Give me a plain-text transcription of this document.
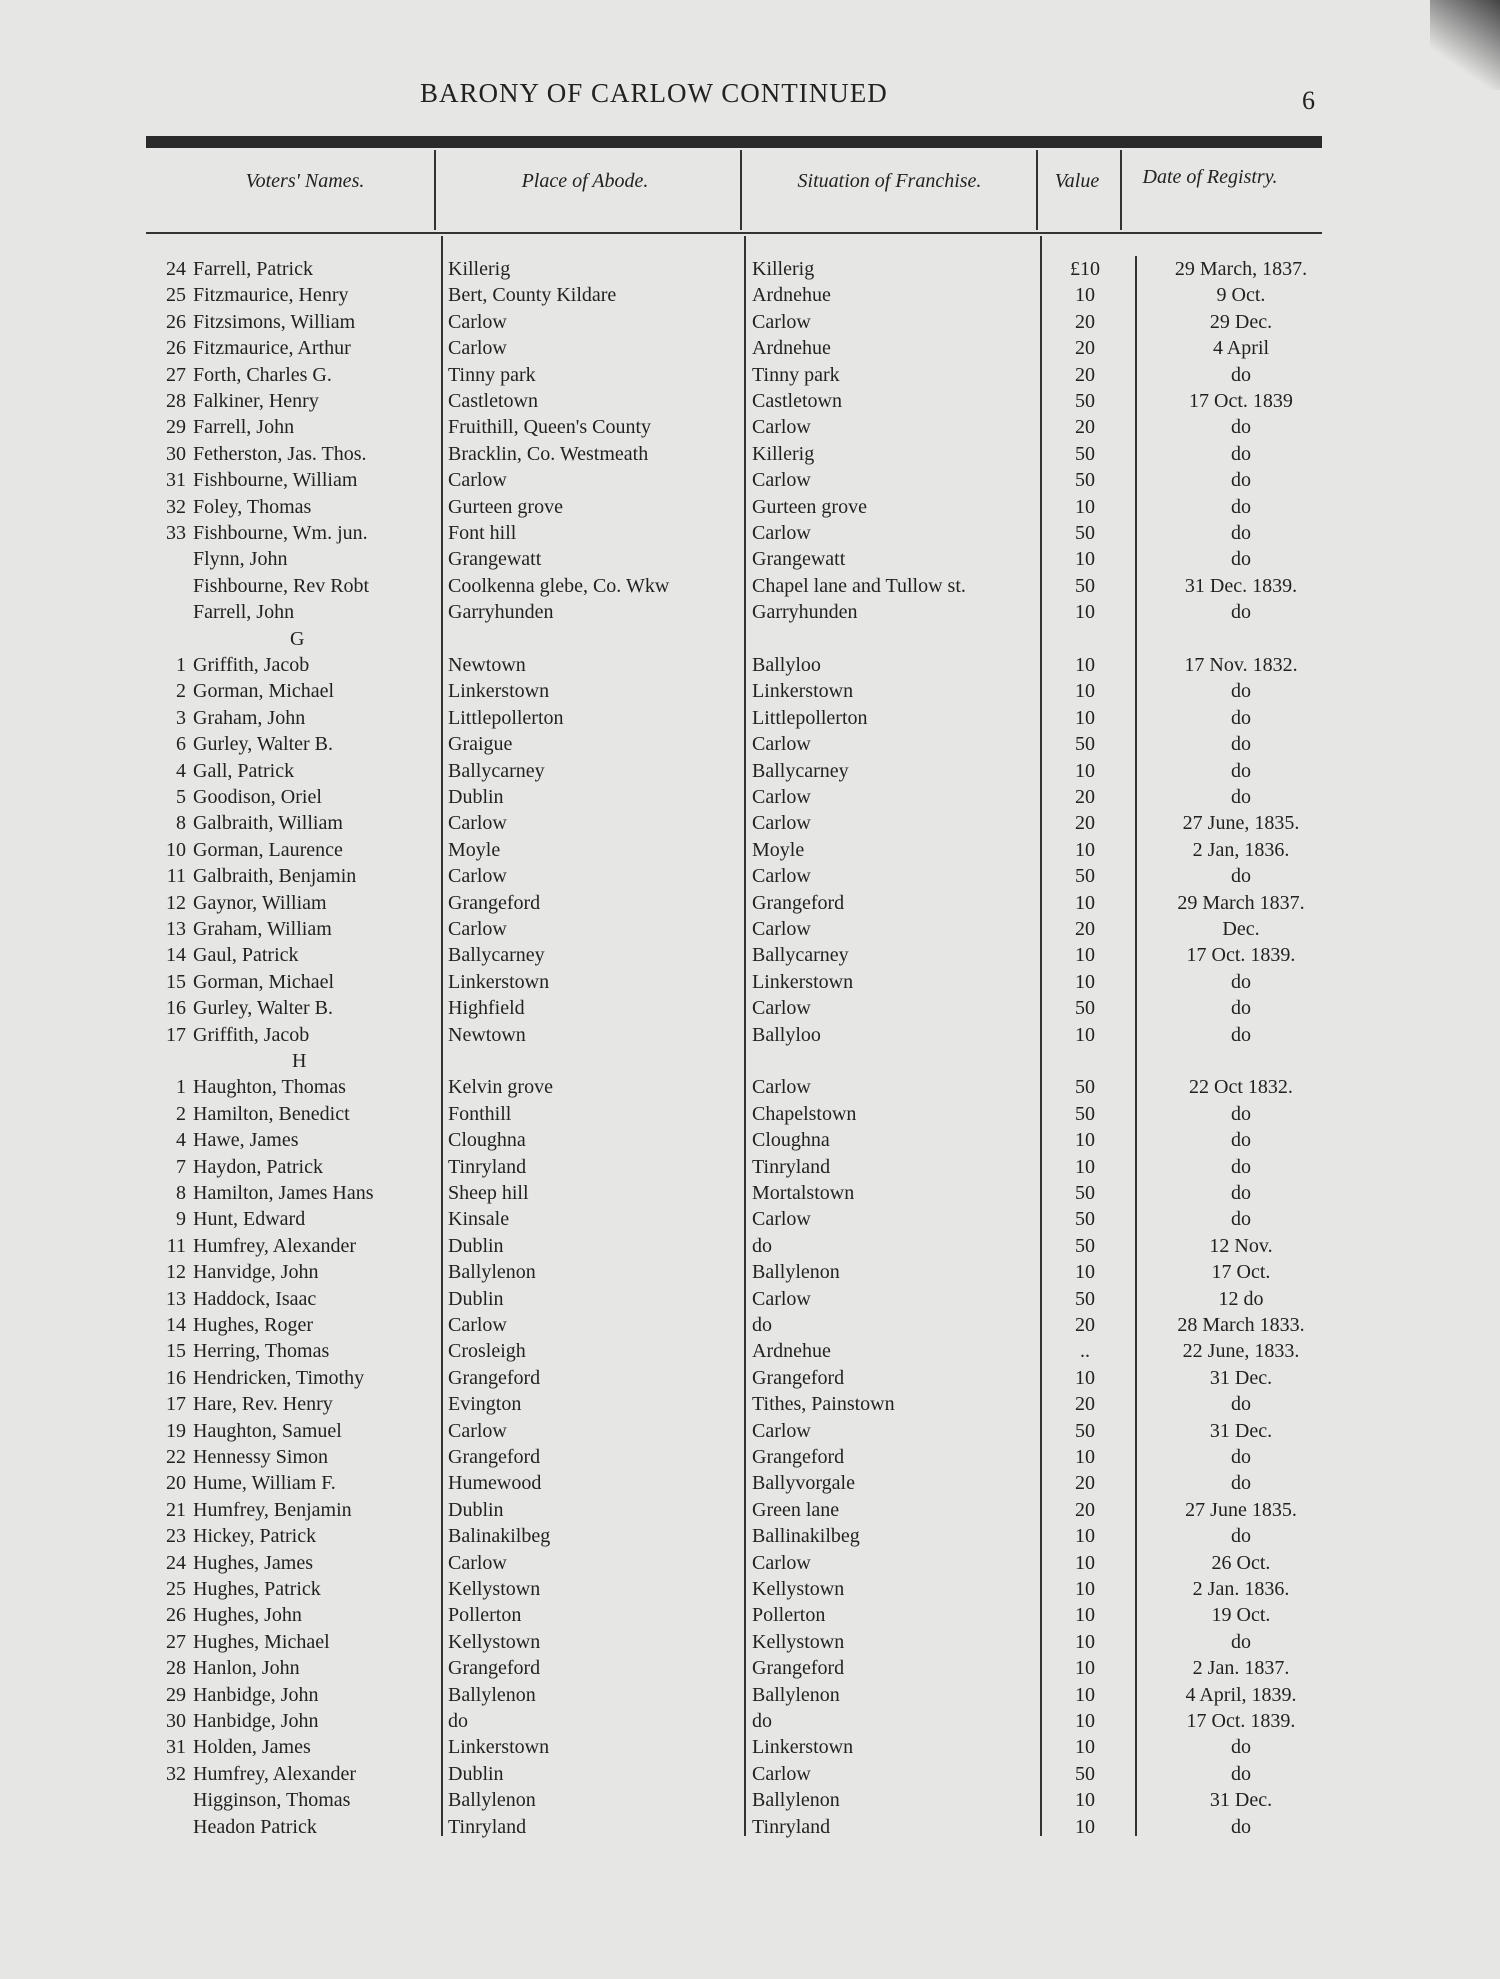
BARONY OF CARLOW CONTINUED	6
Voters' Names.	Place of Abode.	Situation of Franchise.	Value	Date of Registry.
24 Farrell, Patrick	Killerig	Killerig	£10	29 March, 1837.
25 Fitzmaurice, Henry	Bert, County Kildare	Ardnehue	10	9 Oct.
26 Fitzsimons, William	Carlow	Carlow	20	29 Dec.
26 Fitzmaurice, Arthur	Carlow	Ardnehue	20	4 April
27 Forth, Charles G.	Tinny park	Tinny park	20	do
28 Falkiner, Henry	Castletown	Castletown	50	17 Oct. 1839
29 Farrell, John	Fruithill, Queen's County	Carlow	20	do
30 Fetherston, Jas. Thos.	Bracklin, Co. Westmeath	Killerig	50	do
31 Fishbourne, William	Carlow	Carlow	50	do
32 Foley, Thomas	Gurteen grove	Gurteen grove	10	do
33 Fishbourne, Wm. jun.	Font hill	Carlow	50	do
Flynn, John	Grangewatt	Grangewatt	10	do
Fishbourne, Rev Robt	Coolkenna glebe, Co. Wkw	Chapel lane and Tullow st.	50	31 Dec. 1839.
Farrell, John	Garryhunden	Garryhunden	10	do
G
1 Griffith, Jacob	Newtown	Ballyloo	10	17 Nov. 1832.
2 Gorman, Michael	Linkerstown	Linkerstown	10	do
3 Graham, John	Littlepollerton	Littlepollerton	10	do
6 Gurley, Walter B.	Graigue	Carlow	50	do
4 Gall, Patrick	Ballycarney	Ballycarney	10	do
5 Goodison, Oriel	Dublin	Carlow	20	do
8 Galbraith, William	Carlow	Carlow	20	27 June, 1835.
10 Gorman, Laurence	Moyle	Moyle	10	2 Jan, 1836.
11 Galbraith, Benjamin	Carlow	Carlow	50	do
12 Gaynor, William	Grangeford	Grangeford	10	29 March 1837.
13 Graham, William	Carlow	Carlow	20	Dec.
14 Gaul, Patrick	Ballycarney	Ballycarney	10	17 Oct. 1839.
15 Gorman, Michael	Linkerstown	Linkerstown	10	do
16 Gurley, Walter B.	Highfield	Carlow	50	do
17 Griffith, Jacob	Newtown	Ballyloo	10	do
H
1 Haughton, Thomas	Kelvin grove	Carlow	50	22 Oct 1832.
2 Hamilton, Benedict	Fonthill	Chapelstown	50	do
4 Hawe, James	Cloughna	Cloughna	10	do
7 Haydon, Patrick	Tinryland	Tinryland	10	do
8 Hamilton, James Hans	Sheep hill	Mortalstown	50	do
9 Hunt, Edward	Kinsale	Carlow	50	do
11 Humfrey, Alexander	Dublin	do	50	12 Nov.
12 Hanvidge, John	Ballylenon	Ballylenon	10	17 Oct.
13 Haddock, Isaac	Dublin	Carlow	50	12 do
14 Hughes, Roger	Carlow	do	20	28 March 1833.
15 Herring, Thomas	Crosleigh	Ardnehue	..	22 June, 1833.
16 Hendricken, Timothy	Grangeford	Grangeford	10	31 Dec.
17 Hare, Rev. Henry	Evington	Tithes, Painstown	20	do
19 Haughton, Samuel	Carlow	Carlow	50	31 Dec.
22 Hennessy Simon	Grangeford	Grangeford	10	do
20 Hume, William F.	Humewood	Ballyvorgale	20	do
21 Humfrey, Benjamin	Dublin	Green lane	20	27 June 1835.
23 Hickey, Patrick	Balinakilbeg	Ballinakilbeg	10	do
24 Hughes, James	Carlow	Carlow	10	26 Oct.
25 Hughes, Patrick	Kellystown	Kellystown	10	2 Jan. 1836.
26 Hughes, John	Pollerton	Pollerton	10	19 Oct.
27 Hughes, Michael	Kellystown	Kellystown	10	do
28 Hanlon, John	Grangeford	Grangeford	10	2 Jan. 1837.
29 Hanbidge, John	Ballylenon	Ballylenon	10	4 April, 1839.
30 Hanbidge, John	do	do	10	17 Oct. 1839.
31 Holden, James	Linkerstown	Linkerstown	10	do
32 Humfrey, Alexander	Dublin	Carlow	50	do
Higginson, Thomas	Ballylenon	Ballylenon	10	31 Dec.
Headon Patrick	Tinryland	Tinryland	10	do
